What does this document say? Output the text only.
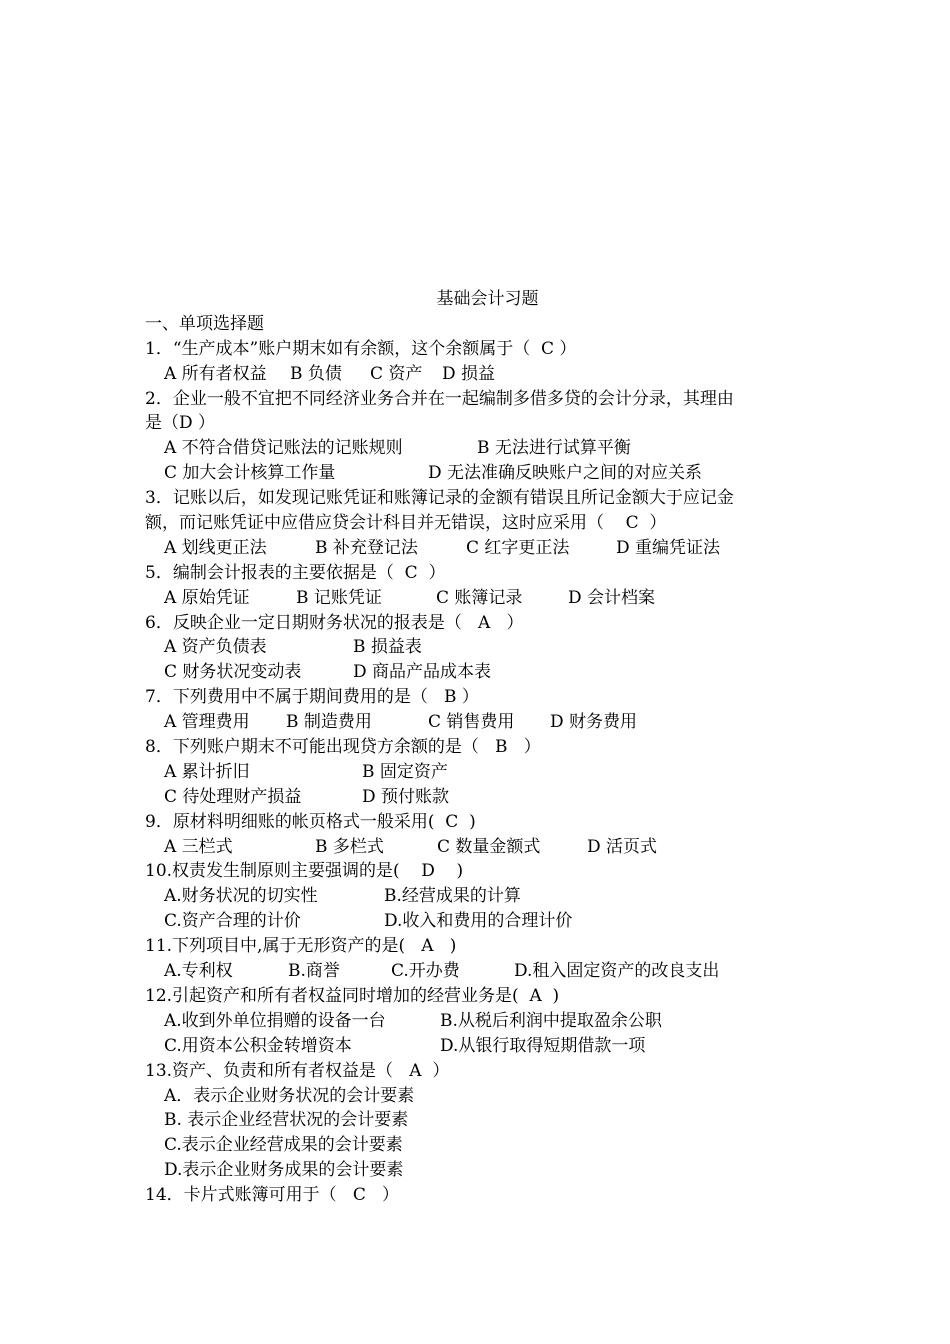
基础会计习题
一、单项选择题
1．“生产成本”账户期末如有余额，这个余额属于（  C ）
A 所有者权益 B 负债 C 资产 D 损益
2．企业一般不宜把不同经济业务合并在一起编制多借多贷的会计分录，其理由
是（D ）
A 不符合借贷记账法的记账规则	B 无法进行试算平衡
C 加大会计核算工作量	D 无法准确反映账户之间的对应关系
3．记账以后，如发现记账凭证和账簿记录的金额有错误且所记金额大于应记金
额，而记账凭证中应借应贷会计科目并无错误，这时应采用（    C  ）
A 划线更正法	B 补充登记法	C 红字更正法	D 重编凭证法
5．编制会计报表的主要依据是（  C  ）
A 原始凭证	B 记账凭证	C 账簿记录	D 会计档案
6．反映企业一定日期财务状况的报表是（   A   ）
A 资产负债表	B 损益表
C 财务状况变动表	D 商品产品成本表
7．下列费用中不属于期间费用的是（   B ）
A 管理费用 B 制造费用	C 销售费用 D 财务费用
8．下列账户期末不可能出现贷方余额的是（   B   ）
A 累计折旧	B 固定资产
C 待处理财产损益	D 预付账款
9．原材料明细账的帐页格式一般采用(  C  )
A 三栏式	B 多栏式	C 数量金额式	D 活页式
10.权责发生制原则主要强调的是(    D    )
A.财务状况的切实性	B.经营成果的计算
C.资产合理的计价	D.收入和费用的合理计价
11.下列项目中,属于无形资产的是(   A   )
A.专利权	B.商誉	C.开办费	D.租入固定资产的改良支出
12.引起资产和所有者权益同时增加的经营业务是(  A  )
A.收到外单位捐赠的设备一台	B.从税后利润中提取盈余公职
C.用资本公积金转增资本	D.从银行取得短期借款一项
13.资产、负责和所有者权益是（   A  ）
A．表示企业财务状况的会计要素
B. 表示企业经营状况的会计要素
C.表示企业经营成果的会计要素
D.表示企业财务成果的会计要素
14．卡片式账簿可用于（   C   ）
